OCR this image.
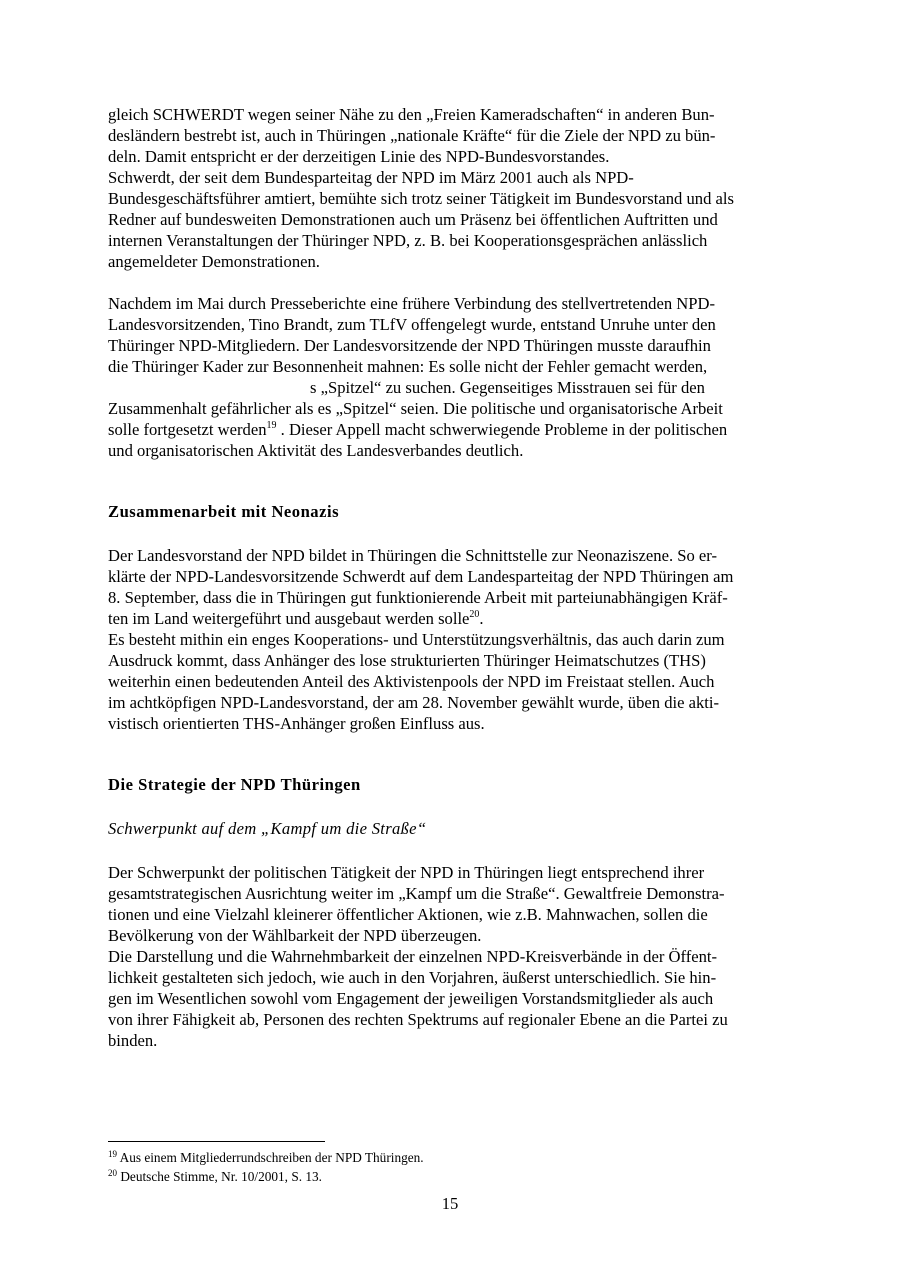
gleich SCHWERDT wegen seiner Nähe zu den „Freien Kameradschaften“ in anderen Bun-
desländern bestrebt ist, auch in Thüringen „nationale Kräfte“ für die Ziele der NPD zu bün-
deln. Damit entspricht er der derzeitigen Linie des NPD-Bundesvorstandes.
Schwerdt, der seit dem Bundesparteitag der NPD im März 2001 auch als NPD-
Bundesgeschäftsführer amtiert, bemühte sich trotz seiner Tätigkeit im Bundesvorstand und als
Redner auf bundesweiten Demonstrationen auch um Präsenz bei öffentlichen Auftritten und
internen Veranstaltungen der Thüringer NPD, z. B. bei Kooperationsgesprächen anlässlich
angemeldeter Demonstrationen.
Nachdem im Mai durch Presseberichte eine frühere Verbindung des stellvertretenden NPD-
Landesvorsitzenden, Tino Brandt, zum TLfV offengelegt wurde, entstand Unruhe unter den
Thüringer NPD-Mitgliedern. Der Landesvorsitzende der NPD Thüringen musste daraufhin
die Thüringer Kader zur Besonnenheit mahnen: Es solle nicht der Fehler gemacht werden,
s „Spitzel“ zu suchen. Gegenseitiges Misstrauen sei für den
Zusammenhalt gefährlicher als es „Spitzel“ seien. Die politische und organisatorische Arbeit
solle fortgesetzt werden$^{19}$ . Dieser Appell macht schwerwiegende Probleme in der politischen
und organisatorischen Aktivität des Landesverbandes deutlich.
Zusammenarbeit mit Neonazis
Der Landesvorstand der NPD bildet in Thüringen die Schnittstelle zur Neonaziszene. So er-
klärte der NPD-Landesvorsitzende Schwerdt auf dem Landesparteitag der NPD Thüringen am
8. September, dass die in Thüringen gut funktionierende Arbeit mit parteiunabhängigen Kräf-
ten im Land weitergeführt und ausgebaut werden solle$^{20}$.
Es besteht mithin ein enges Kooperations- und Unterstützungsverhältnis, das auch darin zum
Ausdruck kommt, dass Anhänger des lose strukturierten Thüringer Heimatschutzes (THS)
weiterhin einen bedeutenden Anteil des Aktivistenpools der NPD im Freistaat stellen. Auch
im achtköpfigen NPD-Landesvorstand, der am 28. November gewählt wurde, üben die akti-
vistisch orientierten THS-Anhänger großen Einfluss aus.
Die Strategie der NPD Thüringen
Schwerpunkt auf dem „Kampf um die Straße“
Der Schwerpunkt der politischen Tätigkeit der NPD in Thüringen liegt entsprechend ihrer
gesamtstrategischen Ausrichtung weiter im „Kampf um die Straße“. Gewaltfreie Demonstra-
tionen und eine Vielzahl kleinerer öffentlicher Aktionen, wie z.B. Mahnwachen, sollen die
Bevölkerung von der Wählbarkeit der NPD überzeugen.
Die Darstellung und die Wahrnehmbarkeit der einzelnen NPD-Kreisverbände in der Öffent-
lichkeit gestalteten sich jedoch, wie auch in den Vorjahren, äußerst unterschiedlich. Sie hin-
gen im Wesentlichen sowohl vom Engagement der jeweiligen Vorstandsmitglieder als auch
von ihrer Fähigkeit ab, Personen des rechten Spektrums auf regionaler Ebene an die Partei zu
binden.
$^{19}$ Aus einem Mitgliederrundschreiben der NPD Thüringen.
$^{20}$ Deutsche Stimme, Nr. 10/2001, S. 13.
15
